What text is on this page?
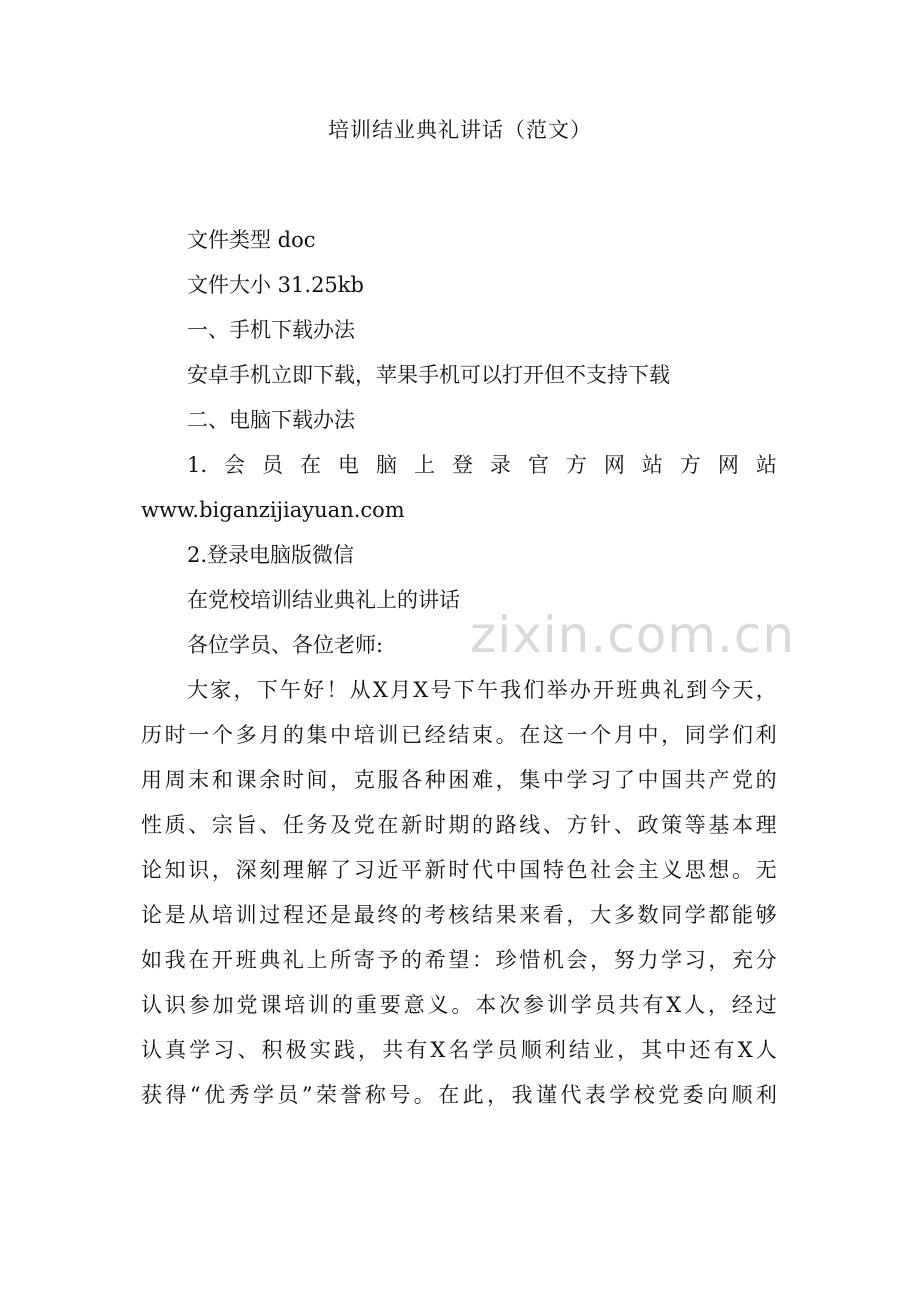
培训结业典礼讲话（范文）
文件类型 doc
文件大小 31.25kb
一、手机下载办法
安卓手机立即下载，苹果手机可以打开但不支持下载
二、电脑下载办法
1. 会 员 在 电 脑 上 登 录 官 方 网 站 方 网 站
www.biganzijiayuan.com
2.登录电脑版微信
在党校培训结业典礼上的讲话
各位学员、各位老师:
大 家 ， 下 午 好 ！ 从 X 月 X 号 下 午 我 们 举 办 开 班 典 礼 到 今 天 ，
历 时 一 个 多 月 的 集 中 培 训 已 经 结 束 。 在 这 一 个 月 中 ， 同 学 们 利
用 周 末 和 课 余 时 间 ， 克 服 各 种 困 难 ， 集 中 学 习 了 中 国 共 产 党 的
性 质 、 宗 旨 、 任 务 及 党 在 新 时 期 的 路 线 、 方 针 、 政 策 等 基 本 理
论 知 识 ， 深 刻 理 解 了 习 近 平 新 时 代 中 国 特 色 社 会 主 义 思 想 。 无
论 是 从 培 训 过 程 还 是 最 终 的 考 核 结 果 来 看 ， 大 多 数 同 学 都 能 够
如 我 在 开 班 典 礼 上 所 寄 予 的 希 望 ： 珍 惜 机 会 ， 努 力 学 习 ， 充 分
认 识 参 加 党 课 培 训 的 重 要 意 义 。 本 次 参 训 学 员 共 有 X 人 ， 经 过
认 真 学 习 、 积 极 实 践 ， 共 有 X 名 学 员 顺 利 结 业 ， 其 中 还 有 X 人
获 得 “ 优 秀 学 员 ” 荣 誉 称 号 。 在 此 ， 我 谨 代 表 学 校 党 委 向 顺 利
zixin.com.cn
